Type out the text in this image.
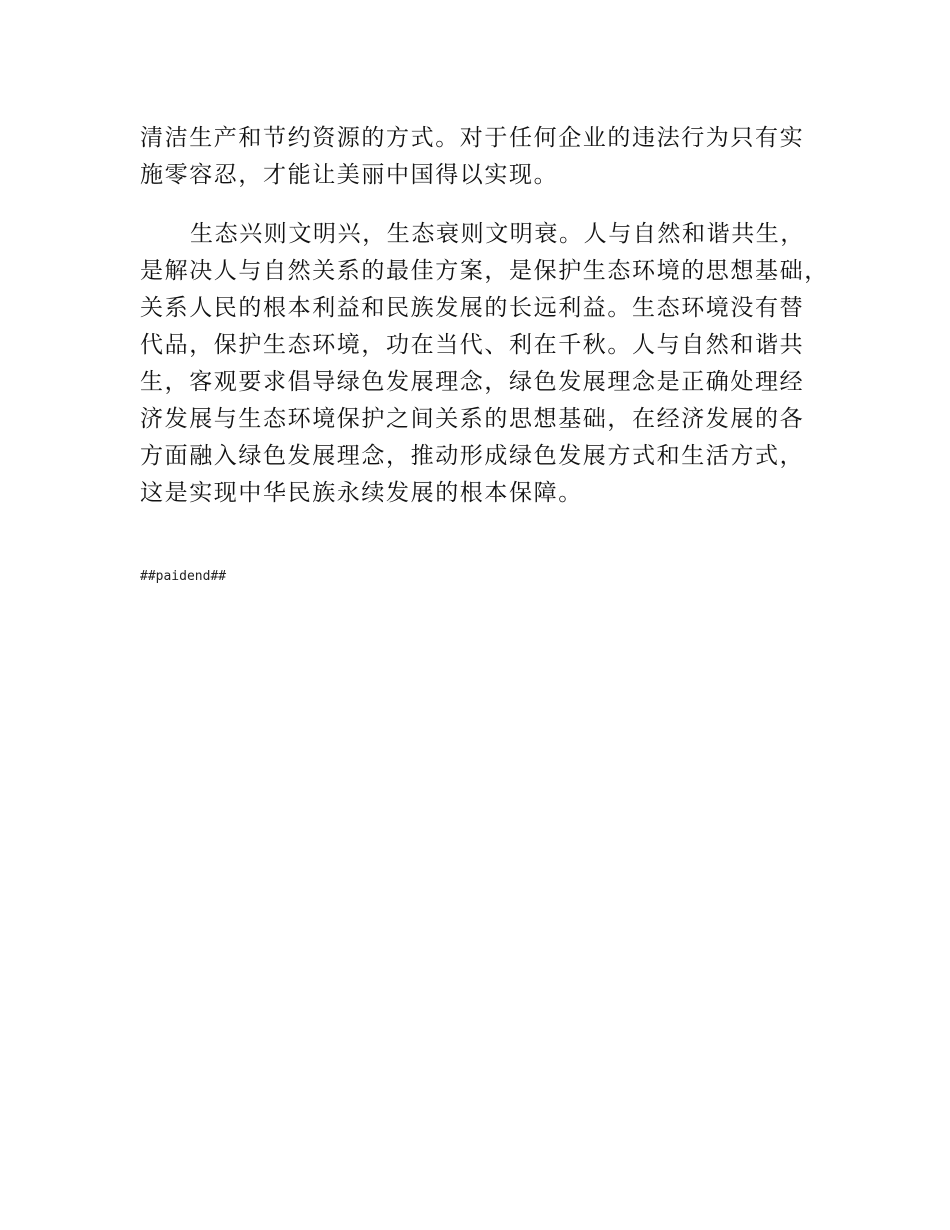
清洁生产和节约资源的方式。对于任何企业的违法行为只有实
施零容忍，才能让美丽中国得以实现。
生态兴则文明兴，生态衰则文明衰。人与自然和谐共生，
是解决人与自然关系的最佳方案，是保护生态环境的思想基础，
关系人民的根本利益和民族发展的长远利益。生态环境没有替
代品，保护生态环境，功在当代、利在千秋。人与自然和谐共
生，客观要求倡导绿色发展理念，绿色发展理念是正确处理经
济发展与生态环境保护之间关系的思想基础，在经济发展的各
方面融入绿色发展理念，推动形成绿色发展方式和生活方式，
这是实现中华民族永续发展的根本保障。
##paidend##
